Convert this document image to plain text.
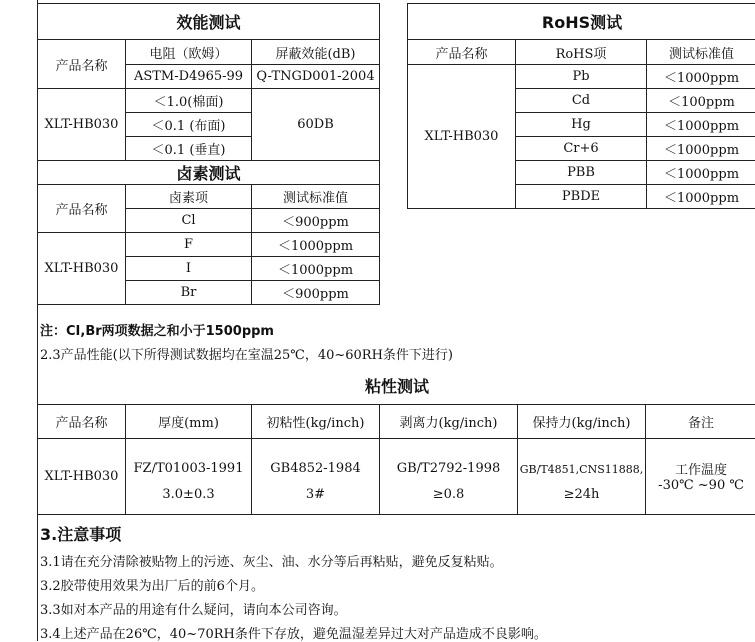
效能测试		
产品名称	电阻（欧姆）	屏蔽效能(dB)
	ASTM-D4965-99	Q-TNGD001-2004
XLT-HB030	＜1.0(棉面)	60DB
	＜0.1 (布面)	
	＜0.1 (垂直)	
卤素测试		
产品名称	卤素项	测试标准值
	Cl	＜900ppm
XLT-HB030	F	＜1000ppm
	I	＜1000ppm
	Br	＜900ppm
RoHS测试		
产品名称	RoHS项	测试标准值
XLT-HB030	Pb	＜1000ppm
	Cd	＜100ppm
	Hg	＜1000ppm
	Cr+6	＜1000ppm
	PBB	＜1000ppm
	PBDE	＜1000ppm
注：CI,Br两项数据之和小于1500ppm
2.3产品性能(以下所得测试数据均在室温25℃，40~60RH条件下进行)
粘性测试					
产品名称	厚度(mm)	初粘性(kg/inch)	剥离力(kg/inch)	保持力(kg/inch)	备注
XLT-HB030	FZ/T01003-1991	GB4852-1984	GB/T2792-1998	GB/T4851,CNS11888,	工作温度
-30℃ ~90 ℃

	3.0±0.3	3#	≥0.8	≥24h	
3.注意事项
3.1请在充分清除被贴物上的污迹、灰尘、油、水分等后再粘贴，避免反复粘贴。
3.2胶带使用效果为出厂后的前6个月。
3.3如对本产品的用途有什么疑问，请向本公司咨询。
3.4上述产品在26℃，40~70RH条件下存放，避免温湿差异过大对产品造成不良影响。
